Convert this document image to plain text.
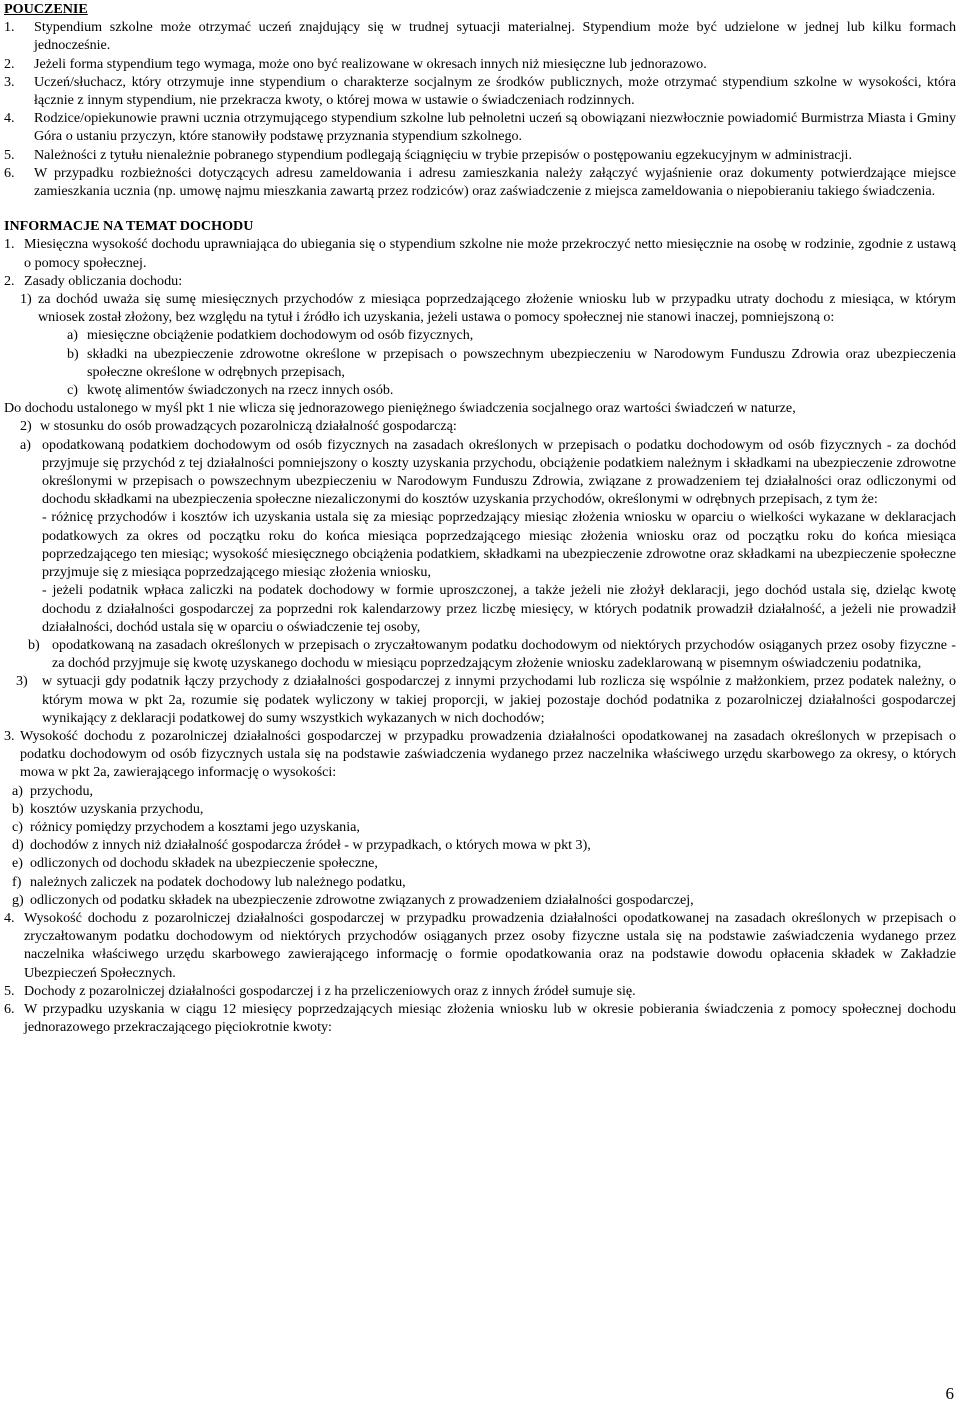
POUCZENIE

1.	Stypendium szkolne może otrzymać uczeń znajdujący się w trudnej sytuacji materialnej. Stypendium może być udzielone w jednej lub kilku formach jednocześnie.
2.	Jeżeli forma stypendium tego wymaga, może ono być realizowane w okresach innych niż miesięczne lub jednorazowo.
3.	Uczeń/słuchacz, który otrzymuje inne stypendium o charakterze socjalnym ze środków publicznych, może otrzymać stypendium szkolne w wysokości, która łącznie z innym stypendium, nie przekracza kwoty, o której mowa w ustawie o świadczeniach rodzinnych.
4.	Rodzice/opiekunowie prawni ucznia otrzymującego stypendium szkolne lub pełnoletni uczeń są obowiązani niezwłocznie powiadomić Burmistrza Miasta i Gminy Góra o ustaniu przyczyn, które stanowiły podstawę przyznania stypendium szkolnego.
5.	Należności z tytułu nienależnie pobranego stypendium podlegają ściągnięciu w trybie przepisów o postępowaniu egzekucyjnym w administracji.
6.	W przypadku rozbieżności dotyczących adresu zameldowania i adresu zamieszkania należy załączyć wyjaśnienie oraz dokumenty potwierdzające miejsce zamieszkania ucznia (np. umowę najmu mieszkania zawartą przez rodziców) oraz zaświadczenie z miejsca zameldowania o niepobieraniu takiego świadczenia.

INFORMACJE NA TEMAT DOCHODU

1. Miesięczna wysokość dochodu uprawniająca do ubiegania się o stypendium szkolne nie może przekroczyć netto miesięcznie na osobę w rodzinie, zgodnie z ustawą o pomocy społecznej.
2. Zasady obliczania dochodu:
1) za dochód uważa się sumę miesięcznych przychodów z miesiąca poprzedzającego złożenie wniosku lub w przypadku utraty dochodu z miesiąca, w którym wniosek został złożony, bez względu na tytuł i źródło ich uzyskania, jeżeli ustawa o pomocy społecznej nie stanowi inaczej, pomniejszoną o:
a) miesięczne obciążenie podatkiem dochodowym od osób fizycznych,
b) składki na ubezpieczenie zdrowotne określone w przepisach o powszechnym ubezpieczeniu w Narodowym Funduszu Zdrowia oraz ubezpieczenia społeczne określone w odrębnych przepisach,
c) kwotę alimentów świadczonych na rzecz innych osób.

Do dochodu ustalonego w myśl pkt 1 nie wlicza się jednorazowego pieniężnego świadczenia socjalnego oraz wartości świadczeń w naturze,

2) w stosunku do osób prowadzących pozarolniczą działalność gospodarczą:
a) opodatkowaną podatkiem dochodowym od osób fizycznych na zasadach określonych w przepisach o podatku dochodowym od osób fizycznych - za dochód przyjmuje się przychód z tej działalności pomniejszony o koszty uzyskania przychodu, obciążenie podatkiem należnym i składkami na ubezpieczenie zdrowotne określonymi w przepisach o powszechnym ubezpieczeniu w Narodowym Funduszu Zdrowia, związane z prowadzeniem tej działalności oraz odliczonymi od dochodu składkami na ubezpieczenia społeczne niezaliczonymi do kosztów uzyskania przychodów, określonymi w odrębnych przepisach, z tym że:

- różnicę przychodów i kosztów ich uzyskania ustala się za miesiąc poprzedzający miesiąc złożenia wniosku w oparciu o wielkości wykazane w deklaracjach podatkowych za okres od początku roku do końca miesiąca poprzedzającego miesiąc złożenia wniosku oraz od początku roku do końca miesiąca poprzedzającego ten miesiąc; wysokość miesięcznego obciążenia podatkiem, składkami na ubezpieczenie zdrowotne oraz składkami na ubezpieczenie społeczne przyjmuje się z miesiąca poprzedzającego miesiąc złożenia wniosku,

- jeżeli podatnik wpłaca zaliczki na podatek dochodowy w formie uproszczonej, a także jeżeli nie złożył deklaracji, jego dochód ustala się, dzieląc kwotę dochodu z działalności gospodarczej za poprzedni rok kalendarzowy przez liczbę miesięcy, w których podatnik prowadził działalność, a jeżeli nie prowadził działalności, dochód ustala się w oparciu o oświadczenie tej osoby,

b) opodatkowaną na zasadach określonych w przepisach o zryczałtowanym podatku dochodowym od niektórych przychodów osiąganych przez osoby fizyczne - za dochód przyjmuje się kwotę uzyskanego dochodu w miesiącu poprzedzającym złożenie wniosku zadeklarowaną w pisemnym oświadczeniu podatnika,
3)	w sytuacji gdy podatnik łączy przychody z działalności gospodarczej z innymi przychodami lub rozlicza się wspólnie z małżonkiem, przez podatek należny, o którym mowa w pkt 2a, rozumie się podatek wyliczony w takiej proporcji, w jakiej pozostaje dochód podatnika z pozarolniczej działalności gospodarczej wynikający z deklaracji podatkowej do sumy wszystkich wykazanych w nich dochodów;
3. Wysokość dochodu z pozarolniczej działalności gospodarczej w przypadku prowadzenia działalności opodatkowanej na zasadach określonych w przepisach o podatku dochodowym od osób fizycznych ustala się na podstawie zaświadczenia wydanego przez naczelnika właściwego urzędu skarbowego za okresy, o których mowa w pkt 2a, zawierającego informację o wysokości:
a) przychodu,
b) kosztów uzyskania przychodu,
c) różnicy pomiędzy przychodem a kosztami jego uzyskania,
d) dochodów z innych niż działalność gospodarcza źródeł - w przypadkach, o których mowa w pkt 3),
e) odliczonych od dochodu składek na ubezpieczenie społeczne,
f) należnych zaliczek na podatek dochodowy lub należnego podatku,
g) odliczonych od podatku składek na ubezpieczenie zdrowotne związanych z prowadzeniem działalności gospodarczej,
4. Wysokość dochodu z pozarolniczej działalności gospodarczej w przypadku prowadzenia działalności opodatkowanej na zasadach określonych w przepisach o zryczałtowanym podatku dochodowym od niektórych przychodów osiąganych przez osoby fizyczne ustala się na podstawie zaświadczenia wydanego przez naczelnika właściwego urzędu skarbowego zawierającego informację o formie opodatkowania oraz na podstawie dowodu opłacenia składek w Zakładzie Ubezpieczeń Społecznych.
5. Dochody z pozarolniczej działalności gospodarczej i z ha przeliczeniowych oraz z innych źródeł sumuje się.
6. W przypadku uzyskania w ciągu 12 miesięcy poprzedzających miesiąc złożenia wniosku lub w okresie pobierania świadczenia z pomocy społecznej dochodu jednorazowego przekraczającego pięciokrotnie kwoty:
6
